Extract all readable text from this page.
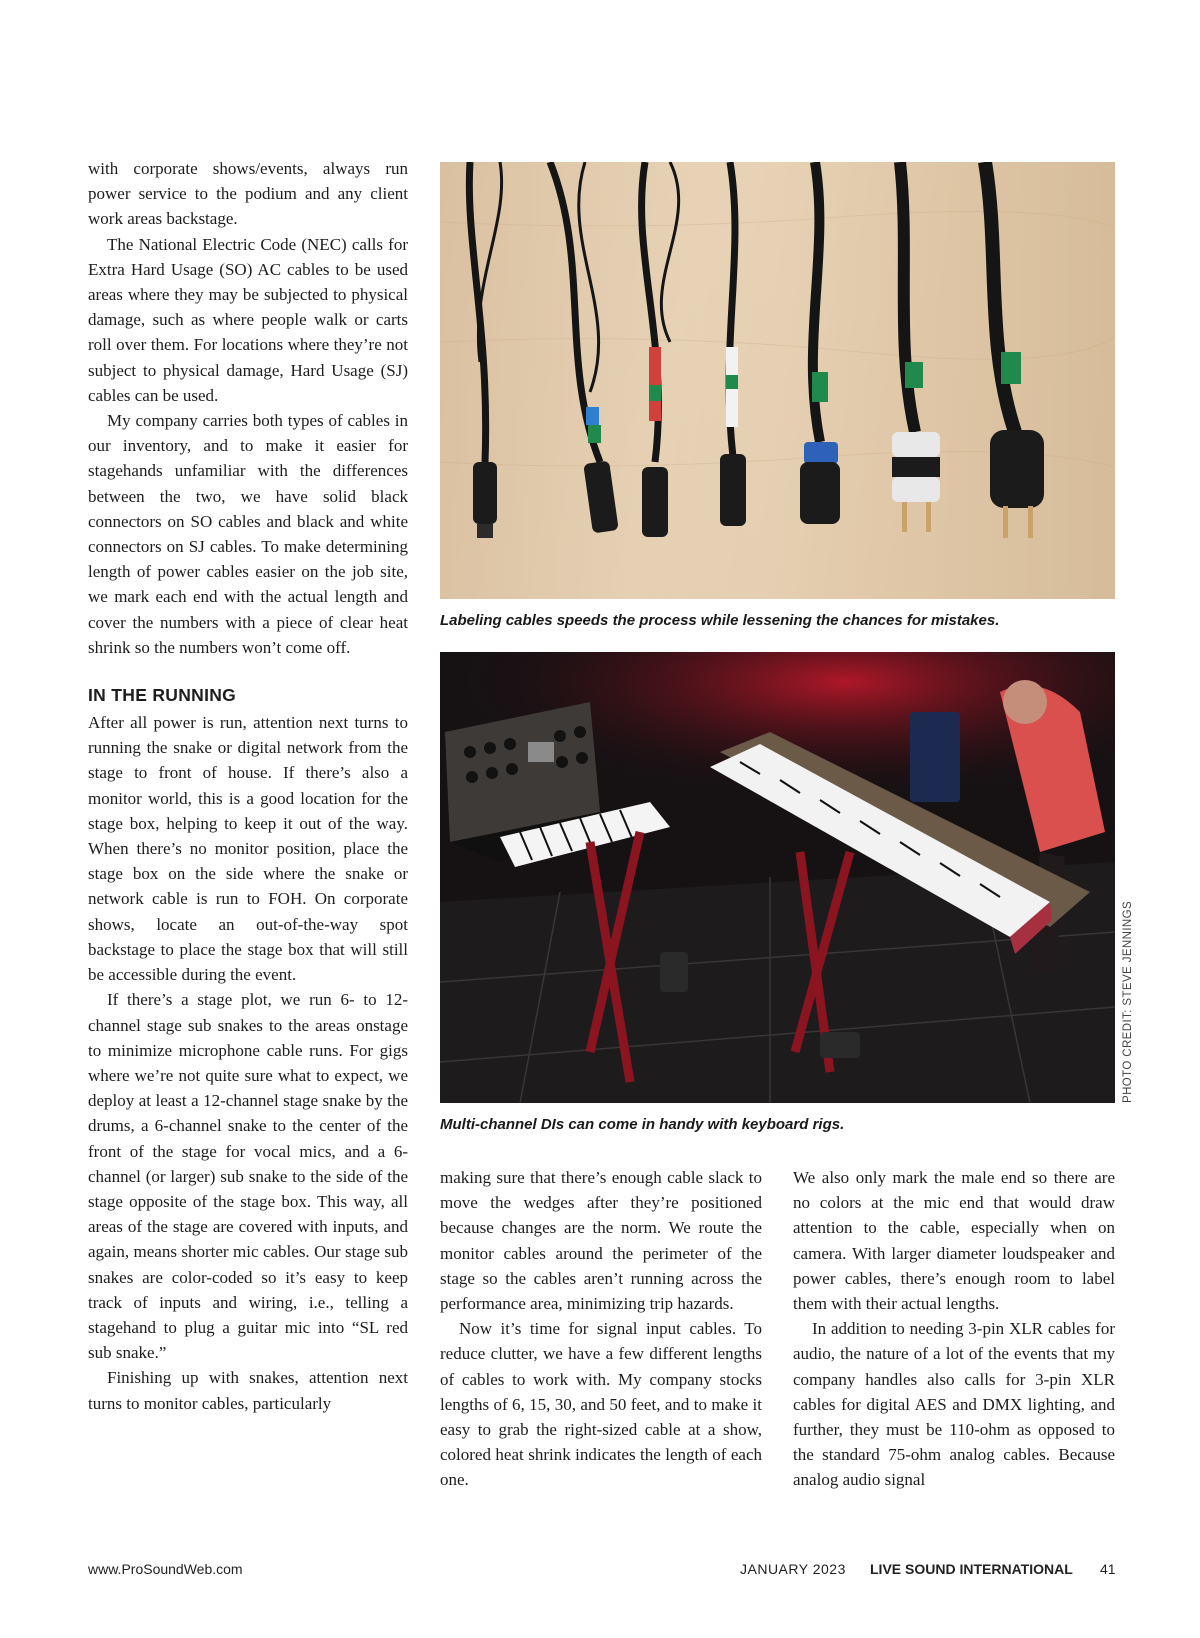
with corporate shows/events, always run power service to the podium and any client work areas backstage.

The National Electric Code (NEC) calls for Extra Hard Usage (SO) AC cables to be used areas where they may be subjected to physical damage, such as where people walk or carts roll over them. For locations where they’re not subject to physical damage, Hard Usage (SJ) cables can be used.

My company carries both types of cables in our inventory, and to make it easier for stagehands unfamiliar with the differences between the two, we have solid black connectors on SO cables and black and white connectors on SJ cables. To make determining length of power cables easier on the job site, we mark each end with the actual length and cover the numbers with a piece of clear heat shrink so the numbers won’t come off.

IN THE RUNNING

After all power is run, attention next turns to running the snake or digital network from the stage to front of house. If there’s also a monitor world, this is a good location for the stage box, helping to keep it out of the way. When there’s no monitor position, place the stage box on the side where the snake or network cable is run to FOH. On corporate shows, locate an out-of-the-way spot backstage to place the stage box that will still be accessible during the event.

If there’s a stage plot, we run 6- to 12-channel stage sub snakes to the areas onstage to minimize microphone cable runs. For gigs where we’re not quite sure what to expect, we deploy at least a 12-channel stage snake by the drums, a 6-channel snake to the center of the front of the stage for vocal mics, and a 6-channel (or larger) sub snake to the side of the stage opposite of the stage box. This way, all areas of the stage are covered with inputs, and again, means shorter mic cables. Our stage sub snakes are color-coded so it’s easy to keep track of inputs and wiring, i.e., telling a stagehand to plug a guitar mic into “SL red sub snake.”

Finishing up with snakes, attention next turns to monitor cables, particularly

Labeling cables speeds the process while lessening the chances for mistakes.
PHOTO CREDIT: STEVE JENNINGS
Multi-channel DIs can come in handy with keyboard rigs.

making sure that there’s enough cable slack to move the wedges after they’re positioned because changes are the norm. We route the monitor cables around the perimeter of the stage so the cables aren’t running across the performance area, minimizing trip hazards.

Now it’s time for signal input cables. To reduce clutter, we have a few different lengths of cables to work with. My company stocks lengths of 6, 15, 30, and 50 feet, and to make it easy to grab the right-sized cable at a show, colored heat shrink indicates the length of each one.

We also only mark the male end so there are no colors at the mic end that would draw attention to the cable, especially when on camera. With larger diameter loudspeaker and power cables, there’s enough room to label them with their actual lengths.

In addition to needing 3-pin XLR cables for audio, the nature of a lot of the events that my company handles also calls for 3-pin XLR cables for digital AES and DMX lighting, and further, they must be 110-ohm as opposed to the standard 75-ohm analog cables. Because analog audio signal

www.ProSoundWeb.com	JANUARY 2023 LIVE SOUND INTERNATIONAL 41
